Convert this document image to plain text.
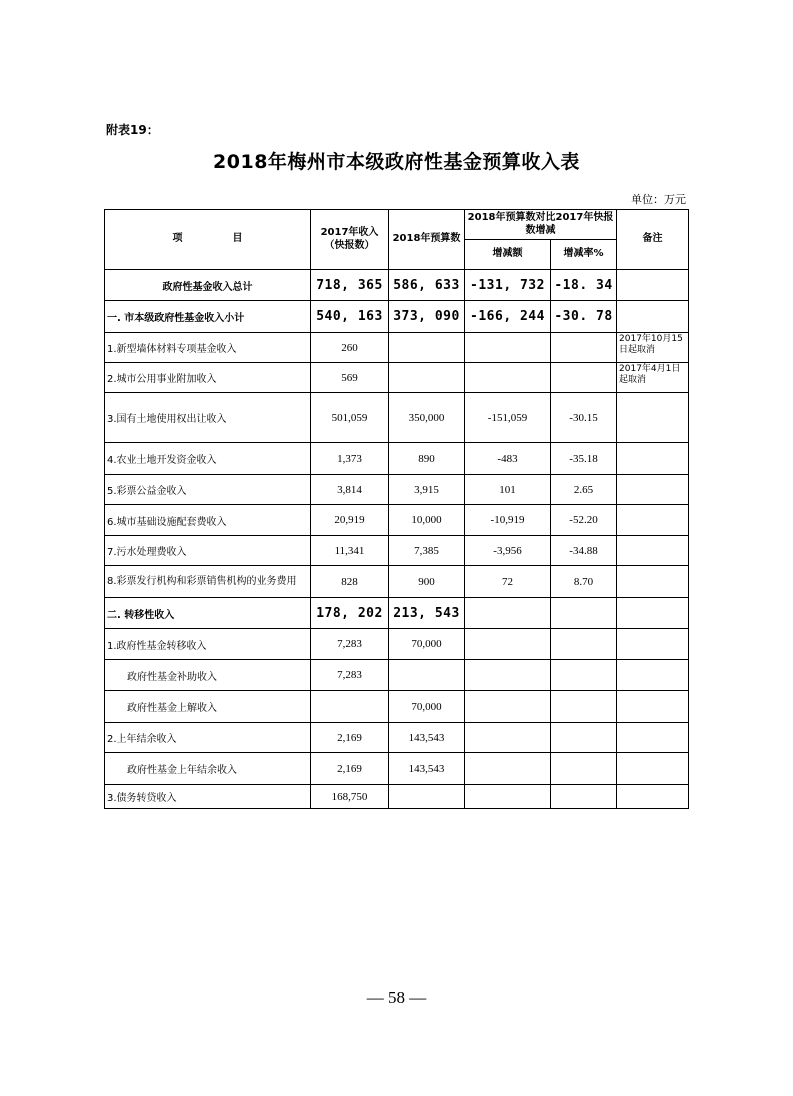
附表19：
2018年梅州市本级政府性基金预算收入表
单位：万元
项　　　　　目	2017年收入（快报数）	2018年预算数	2018年预算数对比2017年快报数增减		备注
			增减额	增减率%	
政府性基金收入总计	718, 365	586, 633	-131, 732	-18. 34	
一. 市本级政府性基金收入小计	540, 163	373, 090	-166, 244	-30. 78	
1.新型墙体材料专项基金收入	260				2017年10月15日起取消
2.城市公用事业附加收入	569				2017年4月1日起取消
3.国有土地使用权出让收入	501,059	350,000	-151,059	-30.15	
4.农业土地开发资金收入	1,373	890	-483	-35.18	
5.彩票公益金收入	3,814	3,915	101	2.65	
6.城市基础设施配套费收入	20,919	10,000	-10,919	-52.20	
7.污水处理费收入	11,341	7,385	-3,956	-34.88	
8.彩票发行机构和彩票销售机构的业务费用	828	900	72	8.70	
二. 转移性收入	178, 202	213, 543			
1.政府性基金转移收入	7,283	70,000			
政府性基金补助收入	7,283				
政府性基金上解收入		70,000			
2.上年结余收入	2,169	143,543			
政府性基金上年结余收入	2,169	143,543			
3.债务转贷收入	168,750				
— 58 —
